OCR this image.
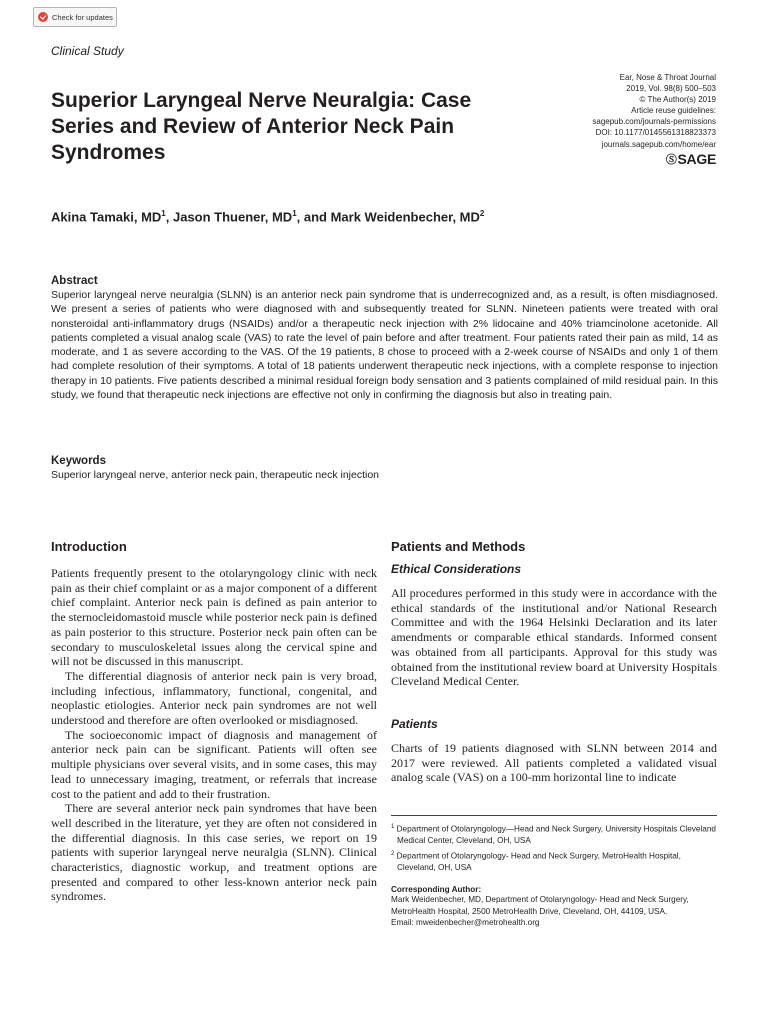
Check for updates
Clinical Study
Ear, Nose & Throat Journal
2019, Vol. 98(8) 500–503
© The Author(s) 2019
Article reuse guidelines:
sagepub.com/journals-permissions
DOI: 10.1177/0145561318823373
journals.sagepub.com/home/ear
Ⓢ SAGE
Superior Laryngeal Nerve Neuralgia: Case Series and Review of Anterior Neck Pain Syndromes

Akina Tamaki, $MD^1$, Jason Thuener, $MD^1$, and Mark Weidenbecher, $MD^2$

Abstract

Superior laryngeal nerve neuralgia (SLNN) is an anterior neck pain syndrome that is underrecognized and, as a result, is often misdiagnosed. We present a series of patients who were diagnosed with and subsequently treated for SLNN. Nineteen patients were treated with oral nonsteroidal anti-inflammatory drugs (NSAIDs) and/or a therapeutic neck injection with 2% lidocaine and 40% triamcinolone acetonide. All patients completed a visual analog scale (VAS) to rate the level of pain before and after treatment. Four patients rated their pain as mild, 14 as moderate, and 1 as severe according to the VAS. Of the 19 patients, 8 chose to proceed with a 2-week course of NSAIDs and only 1 of them had complete resolution of their symptoms. A total of 18 patients underwent therapeutic neck injections, with a complete response to injection therapy in 10 patients. Five patients described a minimal residual foreign body sensation and 3 patients complained of mild residual pain. In this study, we found that therapeutic neck injections are effective not only in confirming the diagnosis but also in treating pain.

Keywords

Superior laryngeal nerve, anterior neck pain, therapeutic neck injection

Introduction

Patients frequently present to the otolaryngology clinic with neck pain as their chief complaint or as a major component of a different chief complaint. Anterior neck pain is defined as pain anterior to the sternocleidomastoid muscle while posterior neck pain is defined as pain posterior to this structure. Posterior neck pain often can be secondary to musculoskeletal issues along the cervical spine and will not be discussed in this manuscript.

The differential diagnosis of anterior neck pain is very broad, including infectious, inflammatory, functional, congenital, and neoplastic etiologies. Anterior neck pain syndromes are not well understood and therefore are often overlooked or misdiagnosed.

The socioeconomic impact of diagnosis and management of anterior neck pain can be significant. Patients will often see multiple physicians over several visits, and in some cases, this may lead to unnecessary imaging, treatment, or referrals that increase cost to the patient and add to their frustration.

There are several anterior neck pain syndromes that have been well described in the literature, yet they are often not considered in the differential diagnosis. In this case series, we report on 19 patients with superior laryngeal nerve neuralgia (SLNN). Clinical characteristics, diagnostic workup, and treatment options are presented and compared to other less-known anterior neck pain syndromes.

Patients and Methods
Ethical Considerations

All procedures performed in this study were in accordance with the ethical standards of the institutional and/or National Research Committee and with the 1964 Helsinki Declaration and its later amendments or comparable ethical standards. Informed consent was obtained from all participants. Approval for this study was obtained from the institutional review board at University Hospitals Cleveland Medical Center.

Patients

Charts of 19 patients diagnosed with SLNN between 2014 and 2017 were reviewed. All patients completed a validated visual analog scale (VAS) on a 100-mm horizontal line to indicate

$^1$ Department of Otolaryngology—Head and Neck Surgery, University Hospitals Cleveland Medical Center, Cleveland, OH, USA

$^2$ Department of Otolaryngology- Head and Neck Surgery, MetroHealth Hospital, Cleveland, OH, USA

Corresponding Author:

Mark Weidenbecher, MD, Department of Otolaryngology- Head and Neck Surgery, MetroHealth Hospital, 2500 MetroHealth Drive, Cleveland, OH, 44109, USA.

Email: mweidenbecher@metrohealth.org
